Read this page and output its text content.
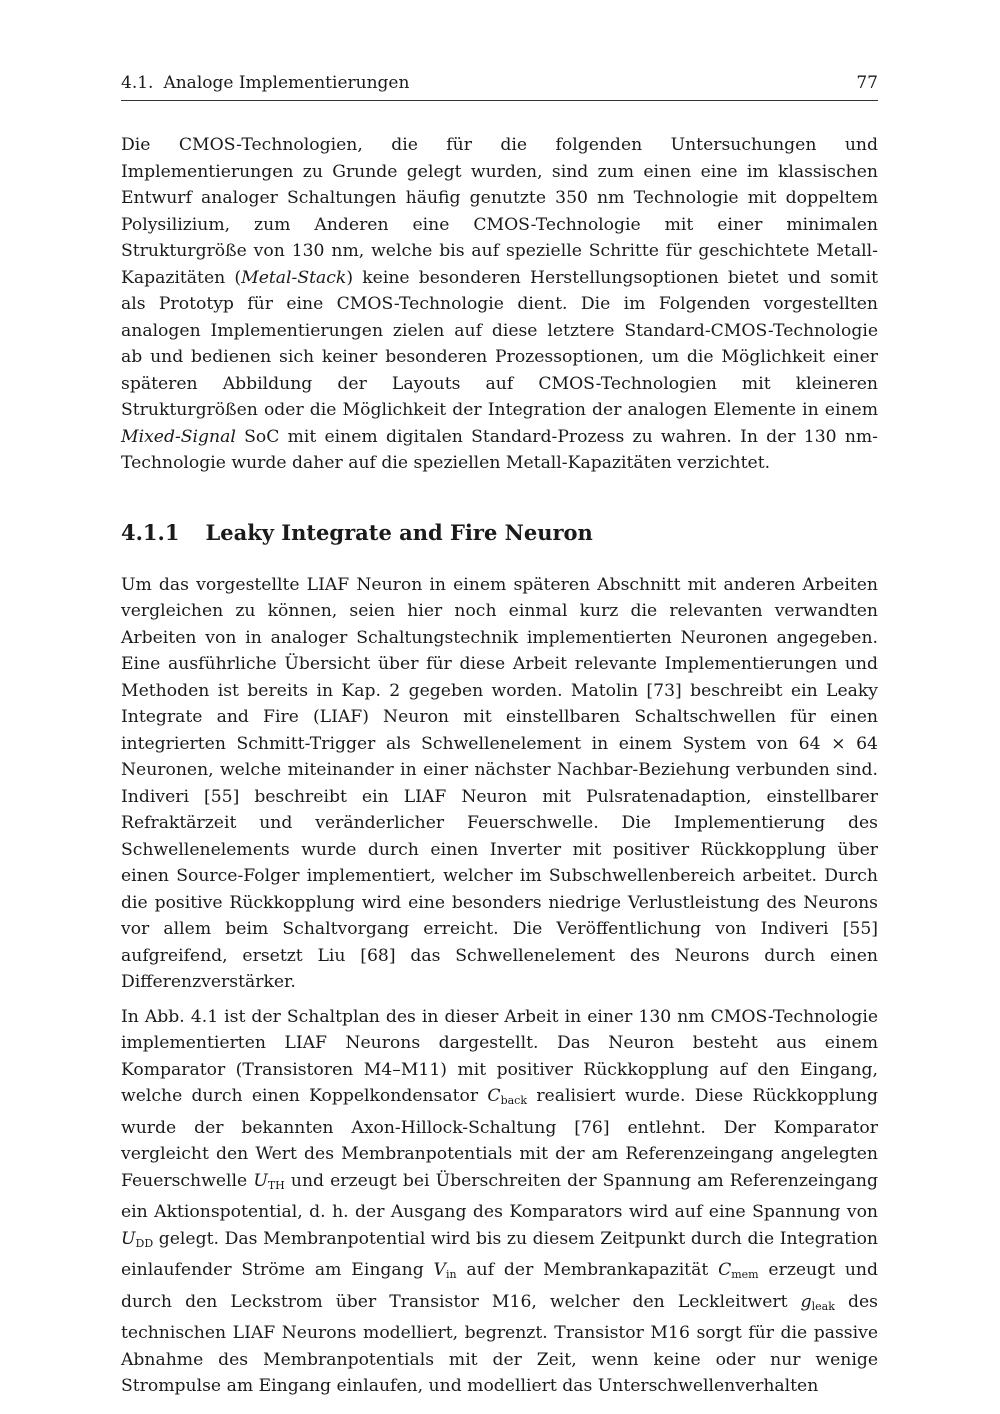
4.1. Analoge Implementierungen	77

Die CMOS-Technologien, die für die folgenden Untersuchungen und Implementierungen zu Grunde gelegt wurden, sind zum einen eine im klassischen Entwurf analoger Schaltungen häufig genutzte 350 nm Technologie mit doppeltem Polysilizium, zum Anderen eine CMOS-Technologie mit einer minimalen Strukturgröße von 130 nm, welche bis auf spezielle Schritte für geschichtete Metall-Kapazitäten (Metal-Stack) keine besonderen Herstellungsoptionen bietet und somit als Prototyp für eine CMOS-Technologie dient. Die im Folgenden vorgestellten analogen Implementierungen zielen auf diese letztere Standard-CMOS-Technologie ab und bedienen sich keiner besonderen Prozessoptionen, um die Möglichkeit einer späteren Abbildung der Layouts auf CMOS-Technologien mit kleineren Strukturgrößen oder die Möglichkeit der Integration der analogen Elemente in einem Mixed-Signal SoC mit einem digitalen Standard-Prozess zu wahren. In der 130 nm-Technologie wurde daher auf die speziellen Metall-Kapazitäten verzichtet.

4.1.1 Leaky Integrate and Fire Neuron

Um das vorgestellte LIAF Neuron in einem späteren Abschnitt mit anderen Arbeiten vergleichen zu können, seien hier noch einmal kurz die relevanten verwandten Arbeiten von in analoger Schaltungstechnik implementierten Neuronen angegeben. Eine ausführliche Übersicht über für diese Arbeit relevante Implementierungen und Methoden ist bereits in Kap. 2 gegeben worden. Matolin [73] beschreibt ein Leaky Integrate and Fire (LIAF) Neuron mit einstellbaren Schaltschwellen für einen integrierten Schmitt-Trigger als Schwellenelement in einem System von 64 × 64 Neuronen, welche miteinander in einer nächster Nachbar-Beziehung verbunden sind. Indiveri [55] beschreibt ein LIAF Neuron mit Pulsratenadaption, einstellbarer Refraktärzeit und veränderlicher Feuerschwelle. Die Implementierung des Schwellenelements wurde durch einen Inverter mit positiver Rückkopplung über einen Source-Folger implementiert, welcher im Subschwellenbereich arbeitet. Durch die positive Rückkopplung wird eine besonders niedrige Verlustleistung des Neurons vor allem beim Schaltvorgang erreicht. Die Veröffentlichung von Indiveri [55] aufgreifend, ersetzt Liu [68] das Schwellenelement des Neurons durch einen Differenzverstärker.

In Abb. 4.1 ist der Schaltplan des in dieser Arbeit in einer 130 nm CMOS-Technologie implementierten LIAF Neurons dargestellt. Das Neuron besteht aus einem Komparator (Transistoren M4–M11) mit positiver Rückkopplung auf den Eingang, welche durch einen Koppelkondensator $C_{back}$ realisiert wurde. Diese Rückkopplung wurde der bekannten Axon-Hillock-Schaltung [76] entlehnt. Der Komparator vergleicht den Wert des Membranpotentials mit der am Referenzeingang angelegten Feuerschwelle $U_{TH}$ und erzeugt bei Überschreiten der Spannung am Referenzeingang ein Aktionspotential, d. h. der Ausgang des Komparators wird auf eine Spannung von $U_{DD}$ gelegt. Das Membranpotential wird bis zu diesem Zeitpunkt durch die Integration einlaufender Ströme am Eingang $V_{in}$ auf der Membrankapazität $C_{mem}$ erzeugt und durch den Leckstrom über Transistor M16, welcher den Leckleitwert $g_{leak}$ des technischen LIAF Neurons modelliert, begrenzt. Transistor M16 sorgt für die passive Abnahme des Membranpotentials mit der Zeit, wenn keine oder nur wenige Strompulse am Eingang einlaufen, und modelliert das Unterschwellenverhalten
